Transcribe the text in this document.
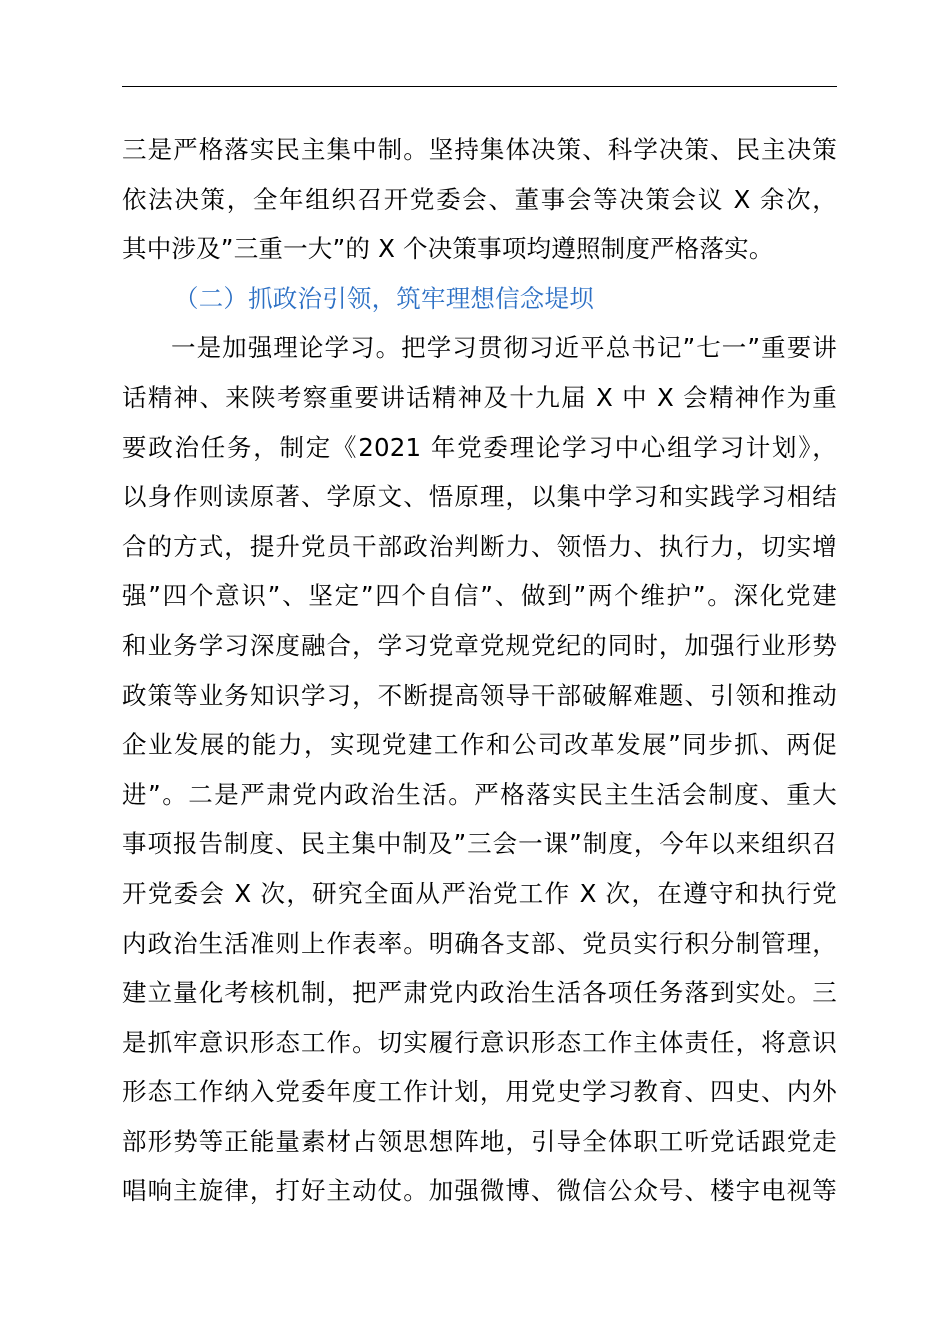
三是严格落实民主集中制。坚持集体决策、科学决策、民主决策
依法决策，全年组织召开党委会、董事会等决策会议 X 余次，
其中涉及”三重一大”的 X 个决策事项均遵照制度严格落实。
（二）抓政治引领，筑牢理想信念堤坝
一是加强理论学习。把学习贯彻习近平总书记”七一”重要讲
话精神、来陕考察重要讲话精神及十九届 X 中 X 会精神作为重
要政治任务，制定《2021 年党委理论学习中心组学习计划》，
以身作则读原著、学原文、悟原理，以集中学习和实践学习相结
合的方式，提升党员干部政治判断力、领悟力、执行力，切实增
强”四个意识”、坚定”四个自信”、做到”两个维护”。深化党建
和业务学习深度融合，学习党章党规党纪的同时，加强行业形势
政策等业务知识学习，不断提高领导干部破解难题、引领和推动
企业发展的能力，实现党建工作和公司改革发展”同步抓、两促
进”。二是严肃党内政治生活。严格落实民主生活会制度、重大
事项报告制度、民主集中制及”三会一课”制度，今年以来组织召
开党委会 X 次，研究全面从严治党工作 X 次，在遵守和执行党
内政治生活准则上作表率。明确各支部、党员实行积分制管理，
建立量化考核机制，把严肃党内政治生活各项任务落到实处。三
是抓牢意识形态工作。切实履行意识形态工作主体责任，将意识
形态工作纳入党委年度工作计划，用党史学习教育、四史、内外
部形势等正能量素材占领思想阵地，引导全体职工听党话跟党走
唱响主旋律，打好主动仗。加强微博、微信公众号、楼宇电视等
